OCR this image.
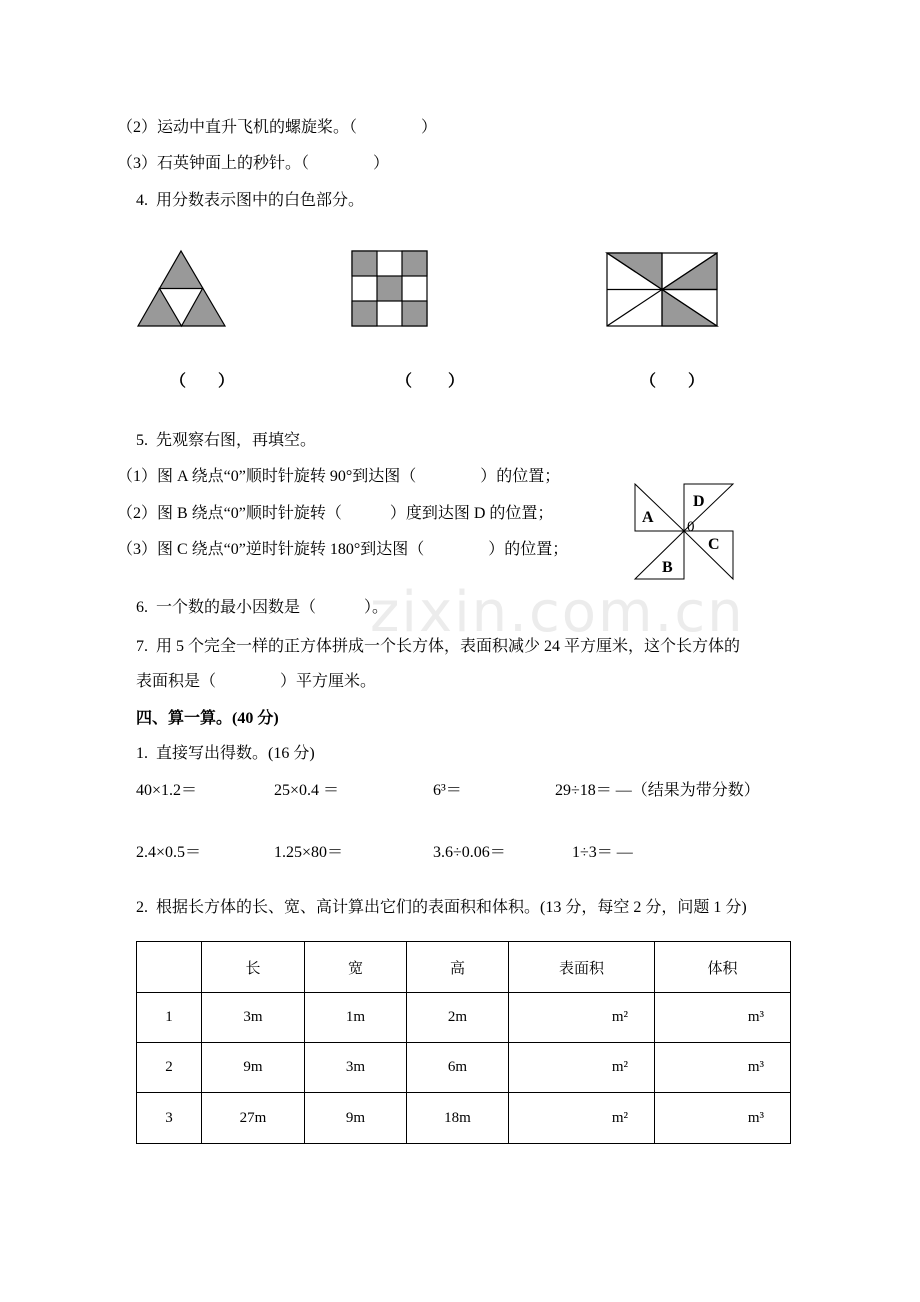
zixin.com.cn
（2）运动中直升飞机的螺旋桨。（　　　　）
（3）石英钟面上的秒针。（　　　　）
4.  用分数表示图中的白色部分。
A
D
C
B
0
（　　）	（　　 ）	（　　）
5.  先观察右图，再填空。
（1）图 A 绕点“0”顺时针旋转 90°到达图（　　　　）的位置；
（2）图 B 绕点“0”顺时针旋转（　　　）度到达图 D 的位置；
（3）图 C 绕点“0”逆时针旋转 180°到达图（　　　　）的位置；
6.  一个数的最小因数是（　　　）。
7.  用 5 个完全一样的正方体拼成一个长方体，表面积减少 24 平方厘米，这个长方体的
表面积是（　　　　）平方厘米。
四、算一算。(40 分)
1.  直接写出得数。(16 分)
40×1.2＝	25×0.4 ＝	6³＝	29÷18＝ —（结果为带分数）
2.4×0.5＝	1.25×80＝	3.6÷0.06＝	1÷3＝ —
2.  根据长方体的长、宽、高计算出它们的表面积和体积。(13 分，每空 2 分，问题 1 分)
	长	宽	高	表面积	体积
1	3m	1m	2m	m²	m³
2	9m	3m	6m	m²	m³
3	27m	9m	18m	m²	m³
